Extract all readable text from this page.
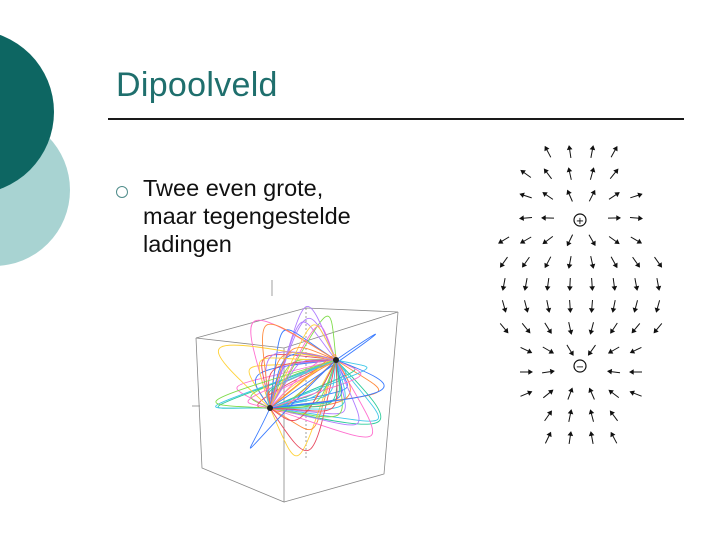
Dipoolveld
Twee even grote, maar tegengestelde ladingen
+
−
